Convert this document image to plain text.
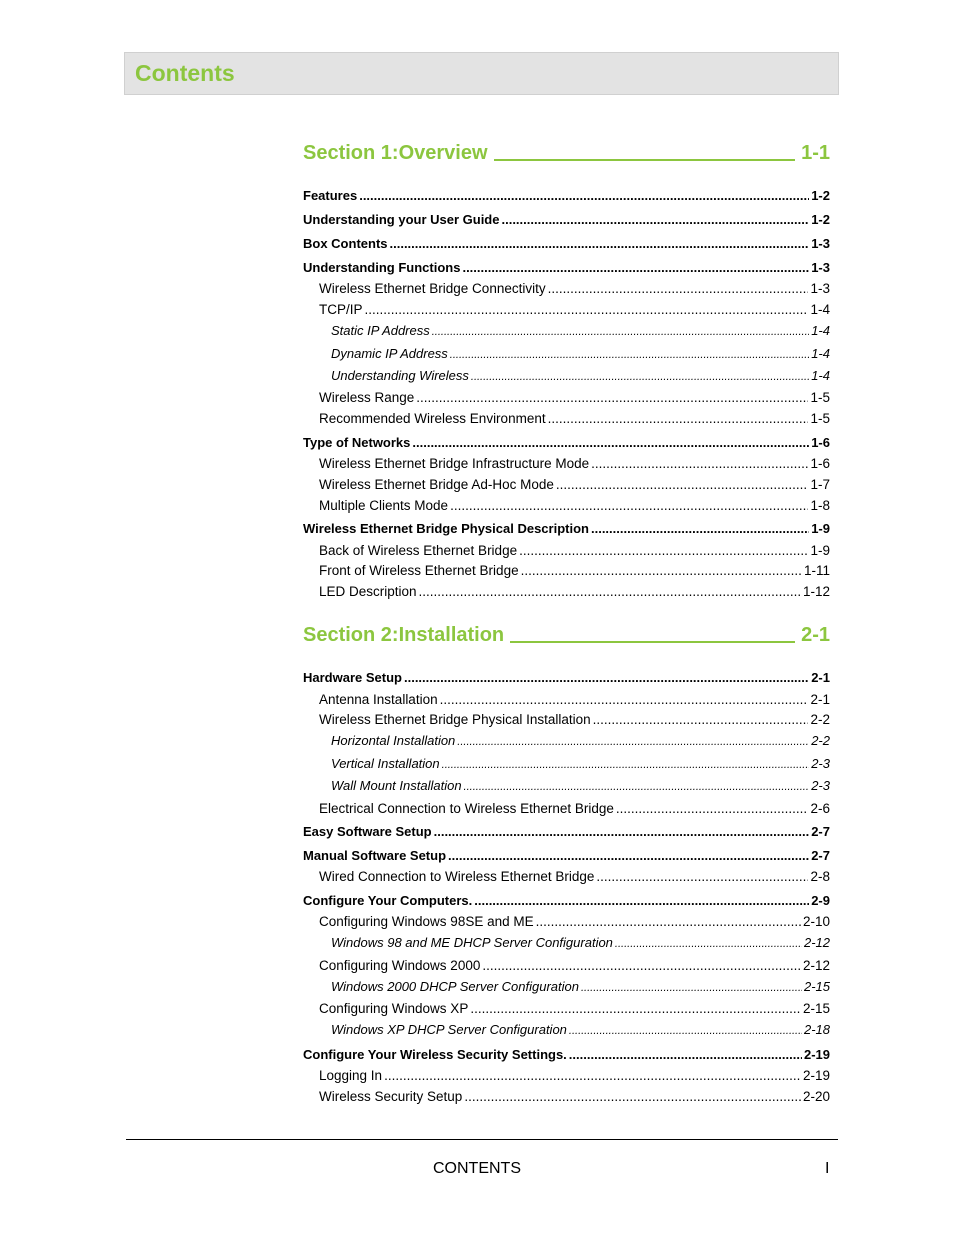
Contents
Section 1:Overview	1-1
Features .....	1-2
Understanding your User Guide .....	1-2
Box Contents .....	1-3
Understanding Functions .....	1-3
Wireless Ethernet Bridge Connectivity .....	1-3
TCP/IP .....	1-4
Static IP Address .....	1-4
Dynamic IP Address .....	1-4
Understanding Wireless .....	1-4
Wireless Range .....	1-5
Recommended Wireless Environment .....	1-5
Type of Networks .....	1-6
Wireless Ethernet Bridge Infrastructure Mode .....	1-6
Wireless Ethernet Bridge Ad-Hoc Mode .....	1-7
Multiple Clients Mode .....	1-8
Wireless Ethernet Bridge Physical Description .....	1-9
Back of Wireless Ethernet Bridge .....	1-9
Front of Wireless Ethernet Bridge .....	1-11
LED Description .....	1-12
Section 2:Installation	2-1
Hardware Setup .....	2-1
Antenna Installation .....	2-1
Wireless Ethernet Bridge Physical Installation .....	2-2
Horizontal Installation .....	2-2
Vertical Installation .....	2-3
Wall Mount Installation .....	2-3
Electrical Connection to Wireless Ethernet Bridge .....	2-6
Easy Software Setup .....	2-7
Manual Software Setup .....	2-7
Wired Connection to Wireless Ethernet Bridge .....	2-8
Configure Your Computers. .....	2-9
Configuring Windows 98SE and ME .....	2-10
Windows 98 and ME DHCP Server Configuration .....	2-12
Configuring Windows 2000 .....	2-12
Windows 2000 DHCP Server Configuration .....	2-15
Configuring Windows XP .....	2-15
Windows XP DHCP Server Configuration .....	2-18
Configure Your Wireless Security Settings. .....	2-19
Logging In .....	2-19
Wireless Security Setup .....	2-20
CONTENTS	I
